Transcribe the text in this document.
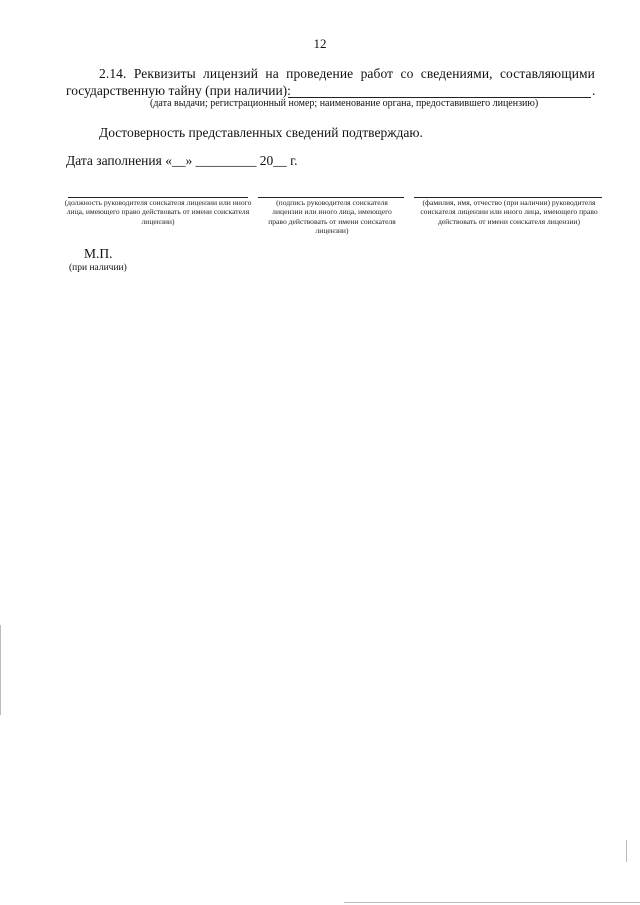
12
2.14. Реквизиты лицензий на проведение работ со сведениями, составляющими
государственную тайну (при наличии):	.
(дата выдачи; регистрационный номер; наименование органа, предоставившего лицензию)
Достоверность представленных сведений подтверждаю.
Дата заполнения «__» _________ 20__ г.
(должность руководителя соискателя лицензии или иного лица, имеющего право действовать от имени соискателя лицензии)
(подпись руководителя соискателя лицензии или иного лица, имеющего право действовать от имени соискателя лицензии)
(фамилия, имя, отчество (при наличии) руководителя соискателя лицензии или иного лица, имеющего право действовать от имени соискателя лицензии)
М.П.
(при наличии)
